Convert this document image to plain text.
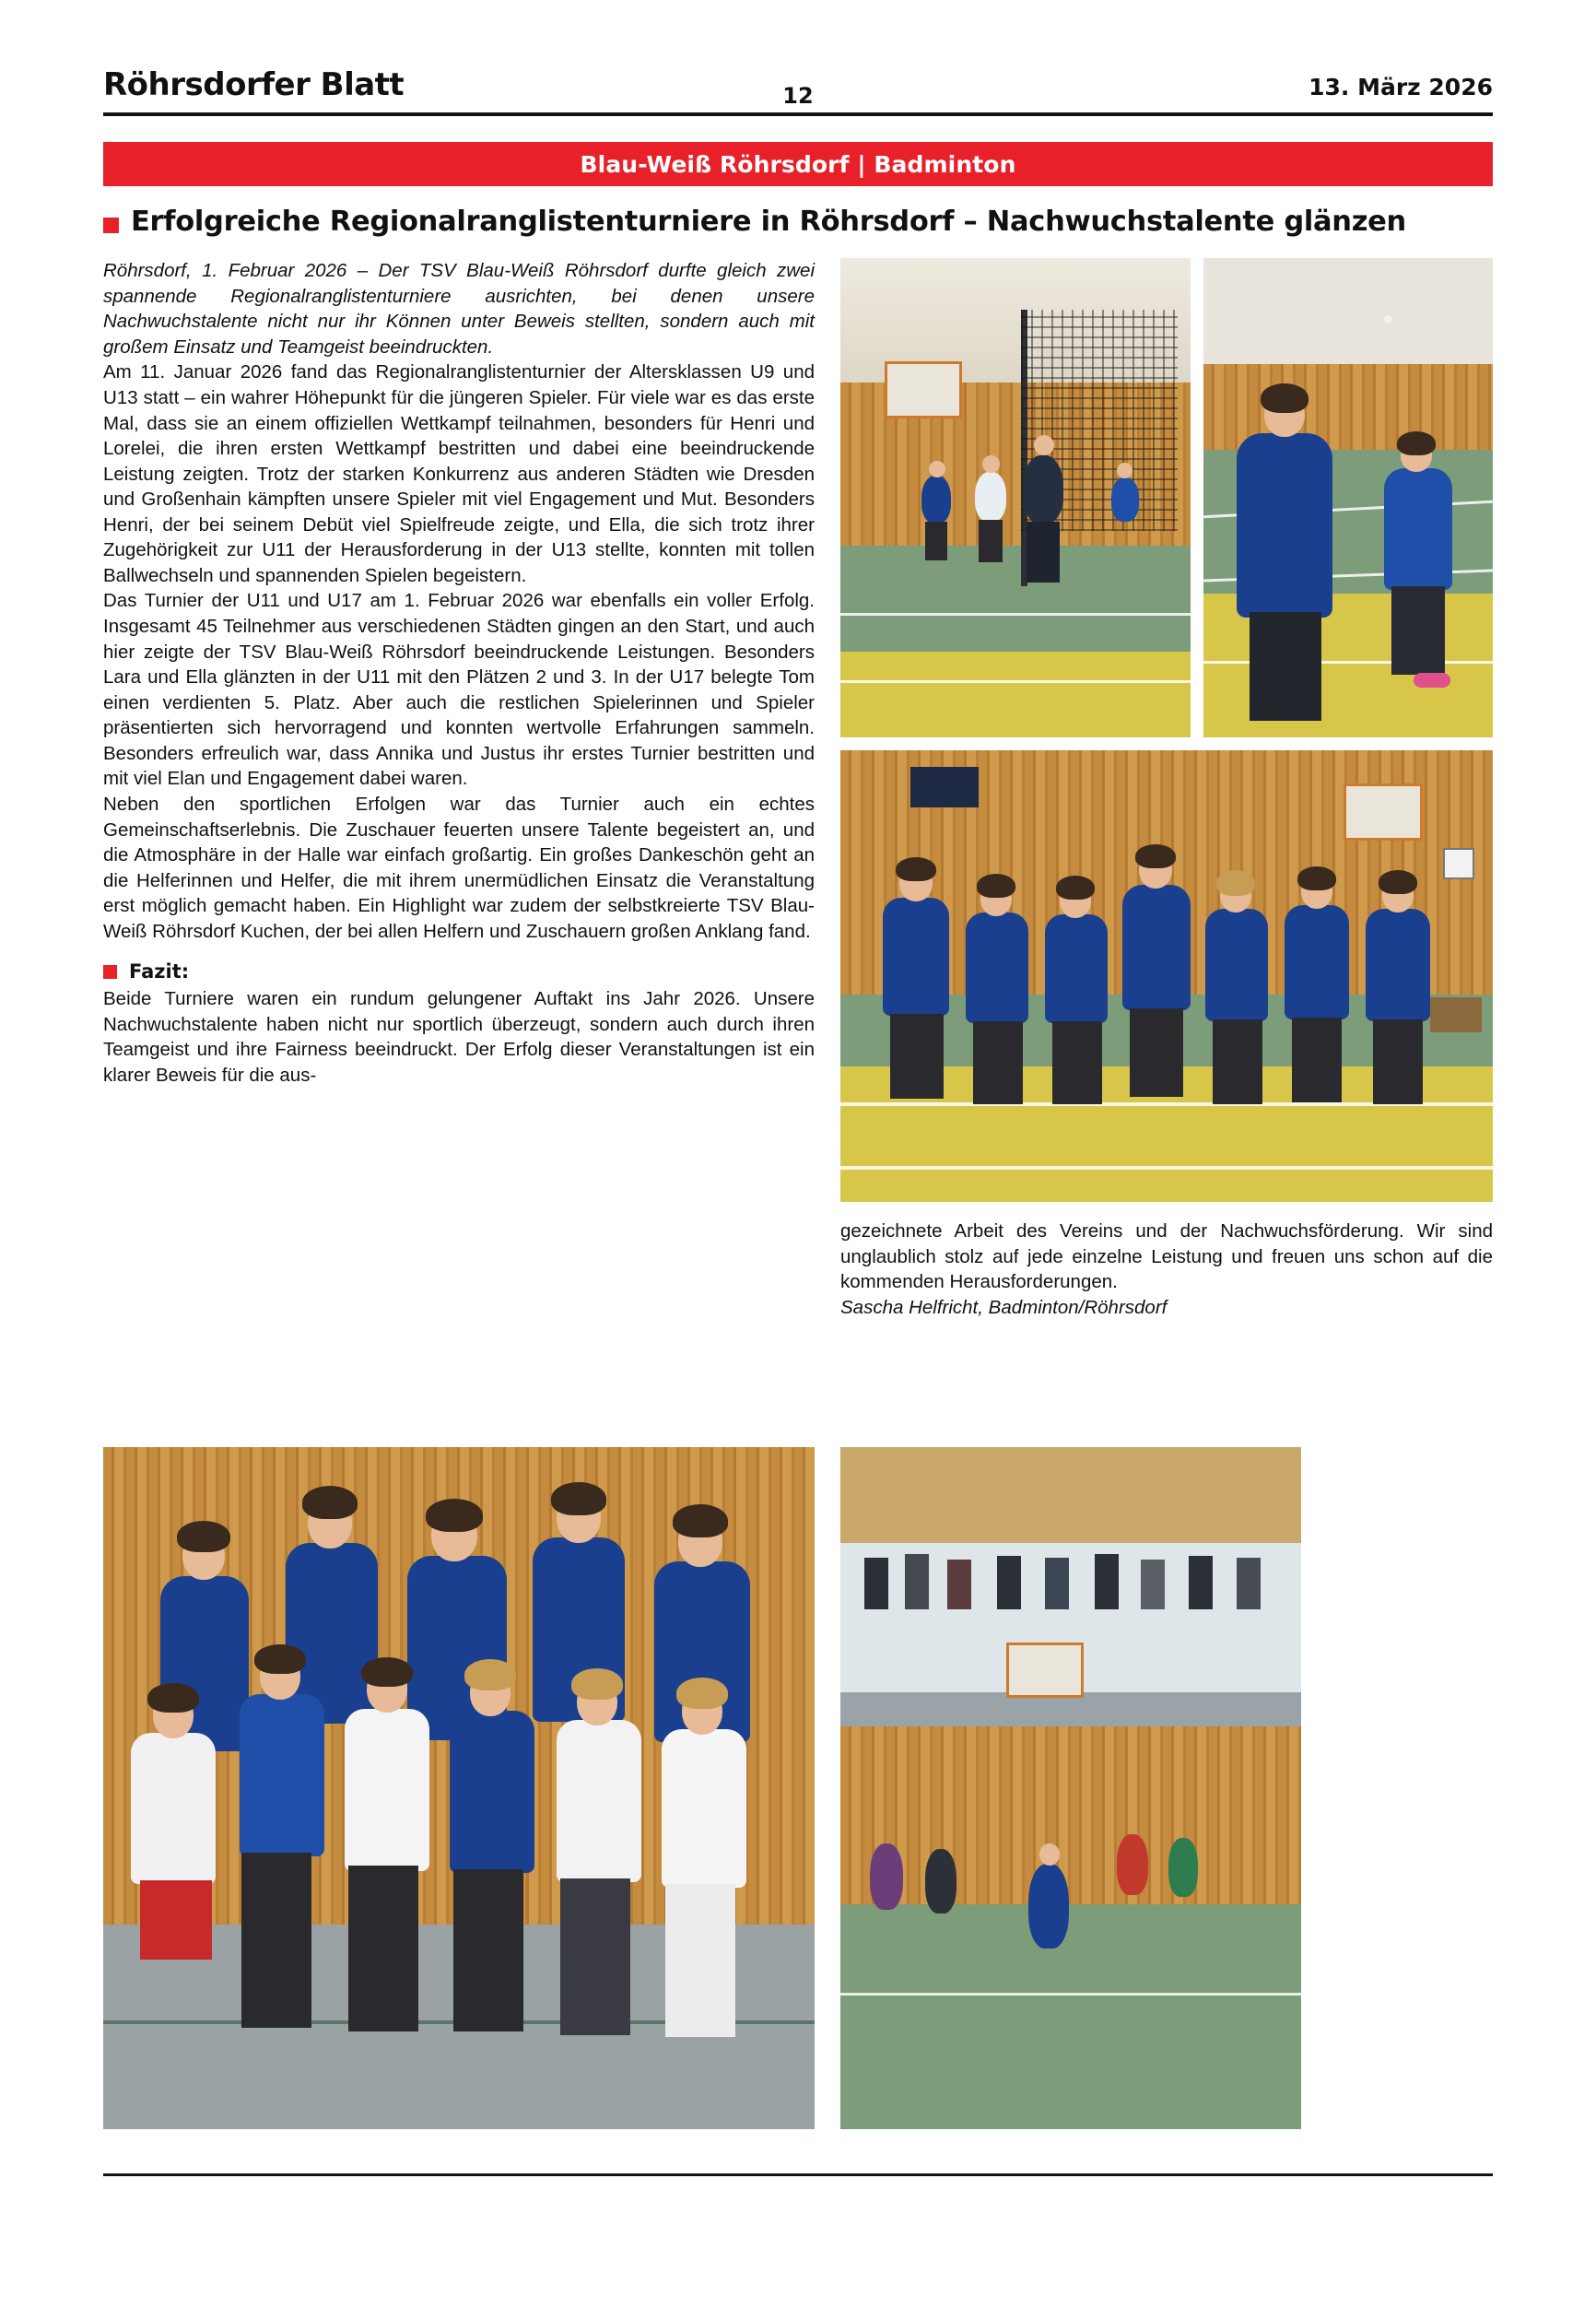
Röhrsdorfer Blatt	13. März 2026
12
Blau-Weiß Röhrsdorf | Badminton
Erfolgreiche Regionalranglistenturniere in Röhrsdorf – Nachwuchstalente glänzen

Röhrsdorf, 1. Februar 2026 – Der TSV Blau-Weiß Röhrsdorf durfte gleich zwei spannende Regionalranglistenturniere ausrichten, bei denen unsere Nachwuchstalente nicht nur ihr Können unter Beweis stellten, sondern auch mit großem Einsatz und Teamgeist beeindruckten.

Am 11. Januar 2026 fand das Regionalranglistenturnier der Altersklassen U9 und U13 statt – ein wahrer Höhepunkt für die jüngeren Spieler. Für viele war es das erste Mal, dass sie an einem offiziellen Wettkampf teilnahmen, besonders für Henri und Lorelei, die ihren ersten Wettkampf bestritten und dabei eine beeindruckende Leistung zeigten. Trotz der starken Konkurrenz aus anderen Städten wie Dresden und Großenhain kämpften unsere Spieler mit viel Engagement und Mut. Besonders Henri, der bei seinem Debüt viel Spielfreude zeigte, und Ella, die sich trotz ihrer Zugehörigkeit zur U11 der Herausforderung in der U13 stellte, konnten mit tollen Ballwechseln und spannenden Spielen begeistern.

Das Turnier der U11 und U17 am 1. Februar 2026 war ebenfalls ein voller Erfolg. Insgesamt 45 Teilnehmer aus verschiedenen Städten gingen an den Start, und auch hier zeigte der TSV Blau-Weiß Röhrsdorf beeindruckende Leistungen. Besonders Lara und Ella glänzten in der U11 mit den Plätzen 2 und 3. In der U17 belegte Tom einen verdienten 5. Platz. Aber auch die restlichen Spielerinnen und Spieler präsentierten sich hervorragend und konnten wertvolle Erfahrungen sammeln. Besonders erfreulich war, dass Annika und Justus ihr erstes Turnier bestritten und mit viel Elan und Engagement dabei waren.

Neben den sportlichen Erfolgen war das Turnier auch ein echtes Gemeinschaftserlebnis. Die Zuschauer feuerten unsere Talente begeistert an, und die Atmosphäre in der Halle war einfach großartig. Ein großes Dankeschön geht an die Helferinnen und Helfer, die mit ihrem unermüdlichen Einsatz die Veranstaltung erst möglich gemacht haben. Ein Highlight war zudem der selbstkreierte TSV Blau-Weiß Röhrsdorf Kuchen, der bei allen Helfern und Zuschauern großen Anklang fand.

Fazit:

Beide Turniere waren ein rundum gelungener Auftakt ins Jahr 2026. Unsere Nachwuchstalente haben nicht nur sportlich überzeugt, sondern auch durch ihren Teamgeist und ihre Fairness beeindruckt. Der Erfolg dieser Veranstaltungen ist ein klarer Beweis für die aus-

gezeichnete Arbeit des Vereins und der Nachwuchsförderung. Wir sind unglaublich stolz auf jede einzelne Leistung und freuen uns schon auf die kommenden Herausforderungen.

Sascha Helfricht, Badminton/Röhrsdorf
